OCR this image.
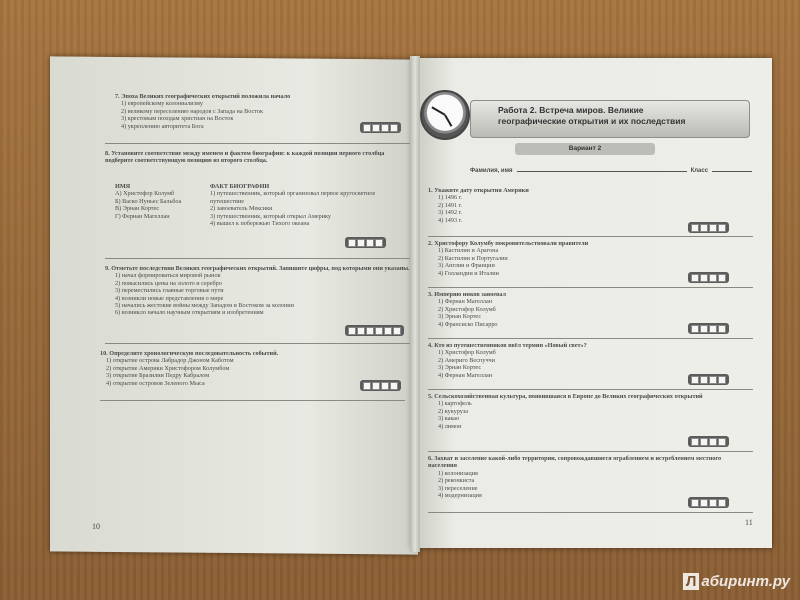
7. Эпоха Великих географических открытий положила начало
1) европейскому колониализму
2) великому переселению народов с Запада на Восток
3) крестовым походам христиан на Восток
4) укреплению авторитета Бога
8. Установите соответствие между именем и фактом биографии: к каждой позиции первого столбца подберите соответствующую позицию из второго столбца.
ИМЯ
А) Христофор Колумб
Б) Васко Нуньес Бальбоа
В) Эрнан Кортес
Г) Фернан Магеллан
ФАКТ БИОГРАФИИ
1) путешественник, который организовал первое кругосветное путешествие
2) завоеватель Мексики
3) путешественник, который открыл Америку
4) вышел к побережью Тихого океана
9. Отметьте последствия Великих географических открытий. Запишите цифры, под которыми они указаны.
1) начал формироваться мировой рынок
2) повысились цены на золото и серебро
3) переместились главные торговые пути
4) возникли новые представления о мире
5) начались жестокие войны между Западом и Востоком за колонии
6) возникло начало научным открытиям и изобретениям
10. Определите хронологическую последовательность событий.
1) открытие острова Лабрадор Джоном Каботом
2) открытие Америки Христофором Колумбом
3) открытие Бразилии Педру Кабралом
4) открытие островов Зеленого Мыса
10
Работа 2. Встреча миров. Великие
географические открытия и их последствия
Вариант 2
Фамилия, имя	Класс
1. Укажите дату открытия Америки
1) 1496 г.
2) 1491 г.
3) 1492 г.
4) 1493 г.
2. Христофору Колумбу покровительствовали правители
1) Кастилии и Арагона
2) Кастилии и Португалии
3) Англии и Франции
4) Голландии и Италии
3. Империю инков завоевал
1) Фернан Магеллан
2) Христофор Колумб
3) Эрнан Кортес
4) Франсиско Писарро
4. Кто из путешественников ввёл термин «Новый свет»?
1) Христофор Колумб
2) Америго Веспуччи
3) Эрнан Кортес
4) Фернан Магеллан
5. Сельскохозяйственная культура, появившаяся в Европе до Великих географических открытий
1) картофель
2) кукуруза
3) какао
4) лимон
6. Захват и заселение какой-либо территории, сопровождавшиеся ограблением и истреблением местного населения
1) колонизация
2) реконкиста
3) переселение
4) модернизация
11
Л абиринт.ру
